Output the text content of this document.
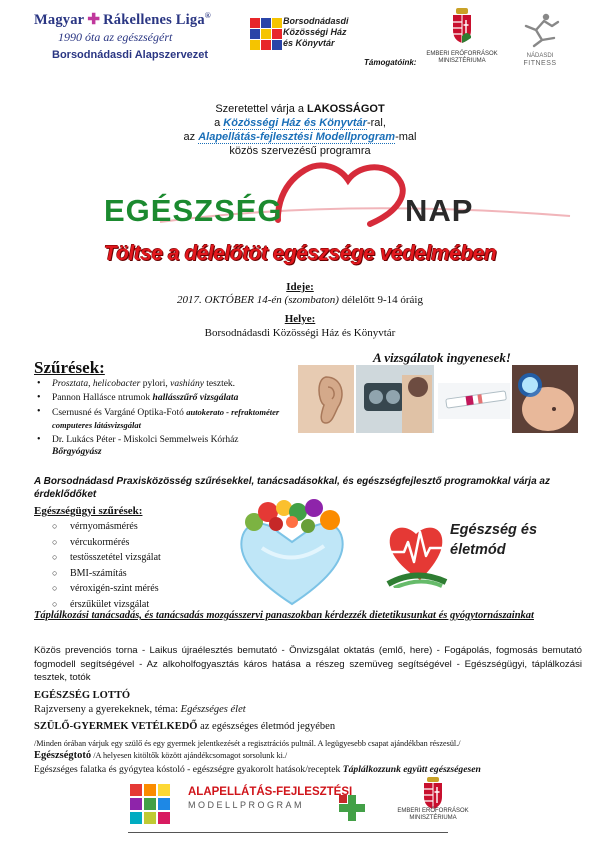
Magyar ✚ Rákellenes Liga®
1990 óta az egészségért
Borsodnádasdi Alapszervezet
Borsodnádasdi
Közösségi Ház
és Könyvtár
Támogatóink:
EMBERI ERŐFORRÁSOK
MINISZTÉRIUMA
NÁDASDI
FITNESS
Szeretettel várja a LAKOSSÁGOT
a Közösségi Ház és Könyvtár-ral,
az Alapellátás-fejlesztési Modellprogram-mal
közös szervezésű programra
EGÉSZSÉG	NAP
Töltse a délelőtöt egészsége védelmében
Ideje:
2017. OKTÓBER 14-én (szombaton) délelőtt 9-14 óráig
Helye:
Borsodnádasdi Közösségi Ház és Könyvtár
Szűrések:
A vizsgálatok ingyenesek!
• Prosztata, helicobacter pylori, vashiány tesztek.
• Pannon Hallásce ntrumok hallásszűrő vizsgálata
• Csernusné és Vargáné Optika-Fotó autokerato - refraktométer computeres látásvizsgálat
• Dr. Lukács Péter - Miskolci Semmelweis Kórház Bőrgyógyász
A Borsodnádasd Praxisközösség szűrésekkel, tanácsadásokkal, és egészségfejlesztő programokkal várja az érdeklődőket
Egészségügyi szűrések:
○ vérnyomásmérés
○ vércukormérés
○ testösszetétel vizsgálat
○ BMI-számítás
○ véroxigén-szint mérés
○ érszűkület vizsgálat
Egészség és
életmód
Táplálkozási tanácsadás, és tanácsadás mozgásszervi panaszokban kérdezzék dietetikusunkat és gyógytornászainkat
Közös prevenciós torna - Laikus újraélesztés bemutató - Önvizsgálat oktatás (emlő, here) - Fogápolás, fogmosás bemutató fogmodell segítségével - Az alkoholfogyasztás káros hatása a részeg szemüveg segítségével - Egészségügyi, táplálkozási tesztek, totók
EGÉSZSÉG LOTTÓ
Rajzverseny a gyerekeknek, téma: Egészséges élet
SZÜLŐ-GYERMEK VETÉLKEDŐ az egészséges életmód jegyében
/Minden órában várjuk egy szülő és egy gyermek jelentkezését a regisztrációs pultnál. A legügyesebb csapat ajándékban részesül./
Egészségtotó /A helyesen kitöltők között ajándékcsomagot sorsolunk ki./
Egészséges falatka és gyógytea kóstoló - egészségre gyakorolt hatások/receptek Táplálkozzunk együtt egészségesen
ALAPELLÁTÁS-FEJLESZTÉSI
MODELLPROGRAM
EMBERI ERŐFORRÁSOK
MINISZTÉRIUMA
